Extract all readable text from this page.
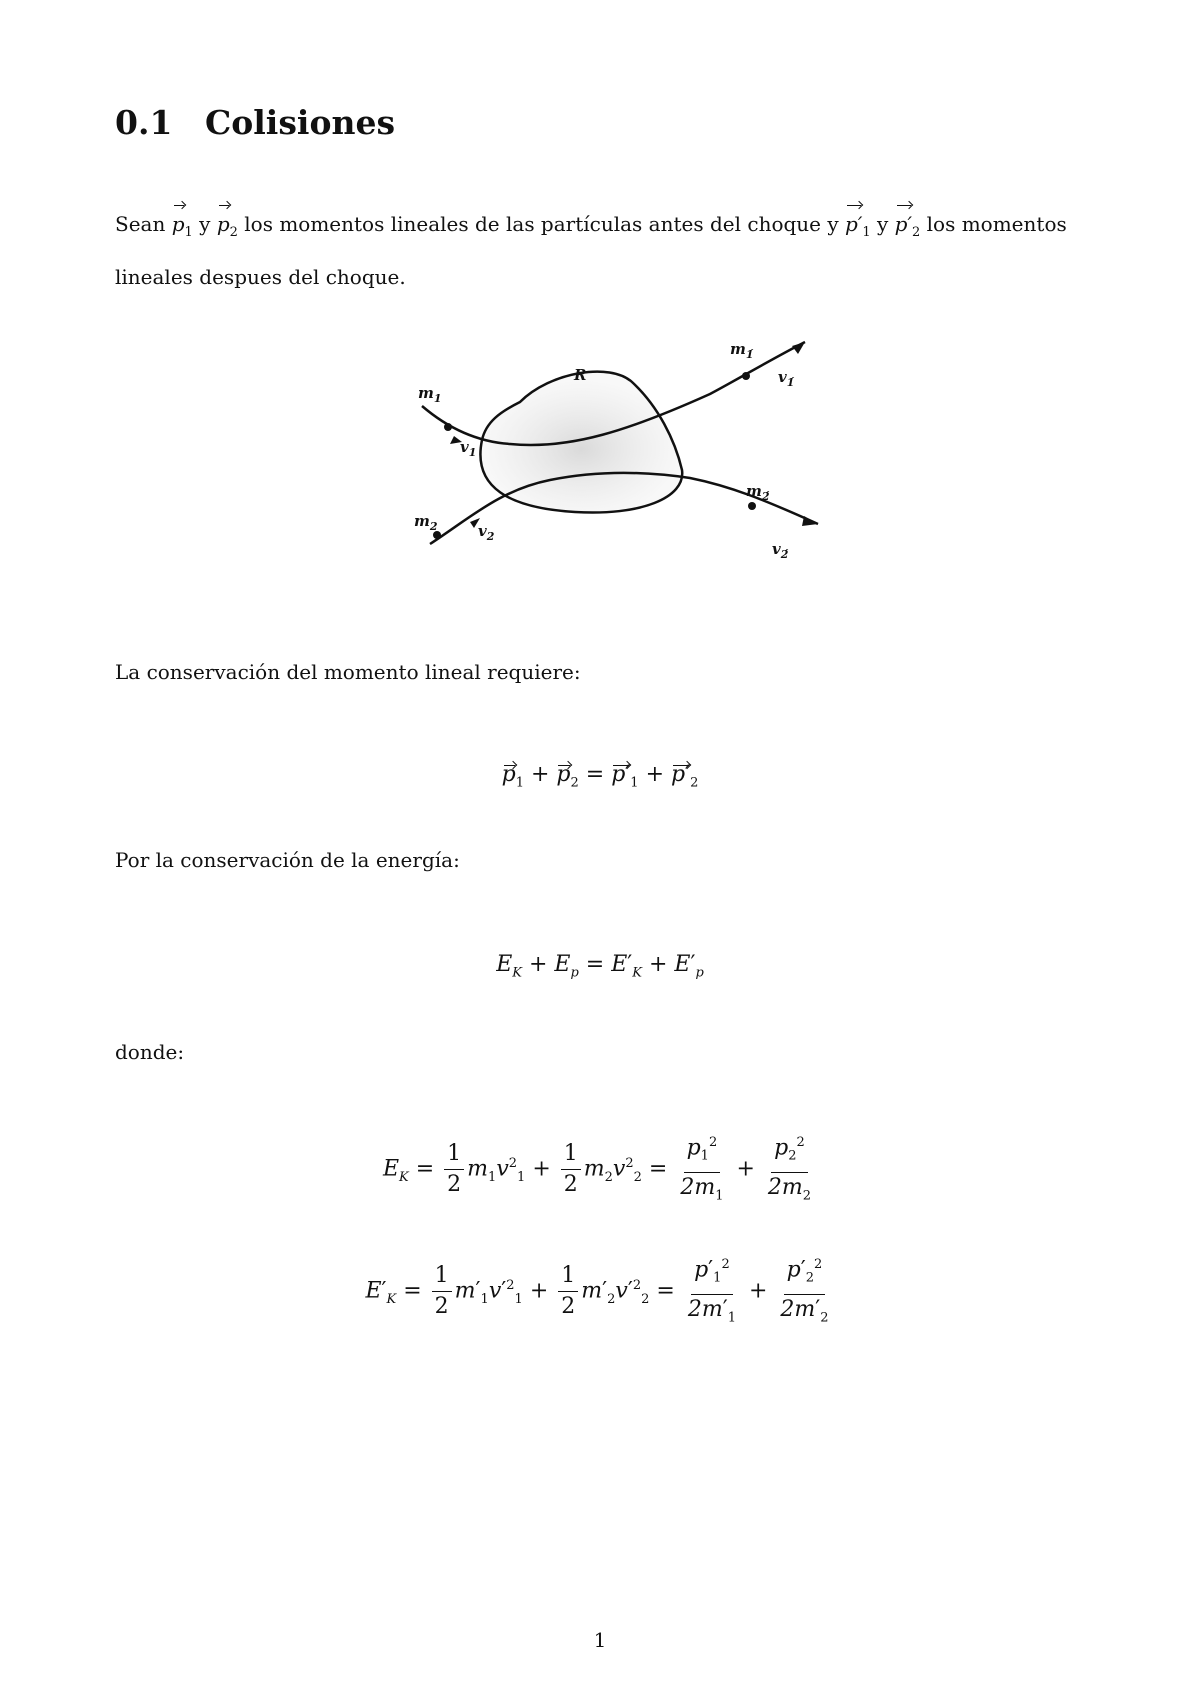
0.1 Colisiones
Sean $p_1$ y $p_2$ los momentos lineales de las partículas antes del choque y $p'_1$ y $p'_2$ los momentos lineales despues del choque.
$m_1$
$v_1$
$m_2$	$v_2$
R
$m_{1́}$
$v_{1́}$
$m_{2́}$
$v_{2́}$
La conservación del momento lineal requiere:
$p_1 + p_2 = p'_1 + p'_2$
Por la conservación de la energía:
$E_K + E_p = E'_K + E'_p$
donde:
$E_K = \frac{1}{2} m_1v^2_1 + \frac{1}{2} m_2v^2_2 = \frac{p_1^2}{2m_1} + \frac{p_2^2}{2m_2}$
$E'_K = \frac{1}{2} m'_1v'^2_1 + \frac{1}{2} m'_2v'^2_2 = \frac{p'_1^2}{2m'_1} + \frac{p'_2^2}{2m'_2}$
1
